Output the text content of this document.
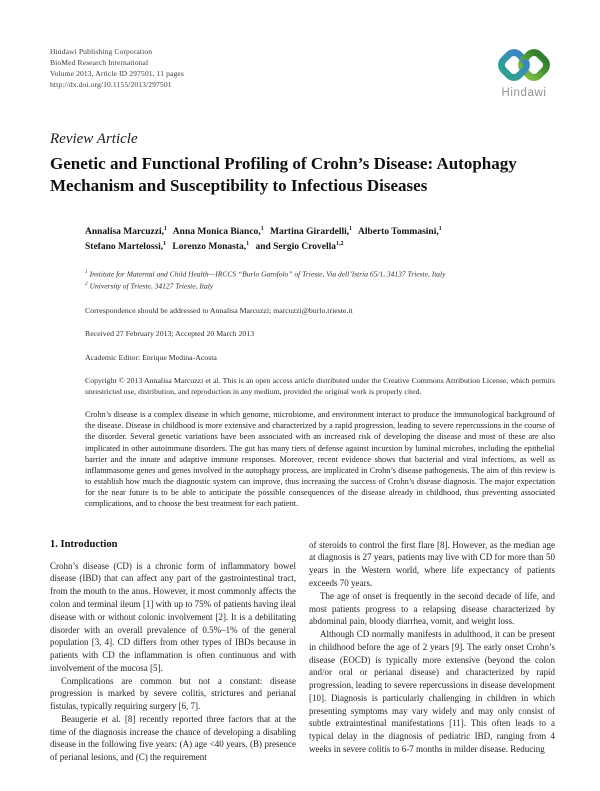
Hindawi Publishing Corporation
BioMed Research International
Volume 2013, Article ID 297501, 11 pages
http://dx.doi.org/10.1155/2013/297501
Hindawi

Review Article

Genetic and Functional Profiling of Crohn’s Disease: Autophagy Mechanism and Susceptibility to Infectious Diseases
Annalisa Marcuzzi,$^1$ Anna Monica Bianco,$^1$ Martina Girardelli,$^1$ Alberto Tommasini,$^1$
Stefano Martelossi,$^1$ Lorenzo Monasta,$^1$ and Sergio Crovella$^{1,2}$
$^1$ Institute for Maternal and Child Health—IRCCS “Burlo Garofolo” of Trieste, Via dell’Istria 65/1, 34137 Trieste, Italy
$^2$ University of Trieste, 34127 Trieste, Italy
Correspondence should be addressed to Annalisa Marcuzzi; marcuzzi@burlo.trieste.it
Received 27 February 2013; Accepted 20 March 2013
Academic Editor: Enrique Medina-Acosta
Copyright © 2013 Annalisa Marcuzzi et al. This is an open access article distributed under the Creative Commons Attribution License, which permits unrestricted use, distribution, and reproduction in any medium, provided the original work is properly cited.
Crohn’s disease is a complex disease in which genome, microbiome, and environment interact to produce the immunological background of the disease. Disease in childhood is more extensive and characterized by a rapid progression, leading to severe repercussions in the course of the disorder. Several genetic variations have been associated with an increased risk of developing the disease and most of these are also implicated in other autoimmune disorders. The gut has many tiers of defense against incursion by luminal microbes, including the epithelial barrier and the innate and adaptive immune responses. Moreover, recent evidence shows that bacterial and viral infections, as well as inflammasome genes and genes involved in the autophagy process, are implicated in Crohn’s disease pathogenesis. The aim of this review is to establish how much the diagnostic system can improve, thus increasing the success of Crohn’s disease diagnosis. The major expectation for the near future is to be able to anticipate the possible consequences of the disease already in childhood, thus preventing associated complications, and to choose the best treatment for each patient.
1. Introduction

Crohn’s disease (CD) is a chronic form of inflammatory bowel disease (IBD) that can affect any part of the gastrointestinal tract, from the mouth to the anus. However, it most commonly affects the colon and terminal ileum [1] with up to 75% of patients having ileal disease with or without colonic involvement [2]. It is a debilitating disorder with an overall prevalence of 0.5%–1% of the general population [3, 4]. CD differs from other types of IBDs because in patients with CD the inflammation is often continuous and with involvement of the mucosa [5].

Complications are common but not a constant: disease progression is marked by severe colitis, strictures and perianal fistulas, typically requiring surgery [6, 7].

Beaugerie et al. [8] recently reported three factors that at the time of the diagnosis increase the chance of developing a disabling disease in the following five years: (A) age <40 years, (B) presence of perianal lesions, and (C) the requirement

of steroids to control the first flare [8]. However, as the median age at diagnosis is 27 years, patients may live with CD for more than 50 years in the Western world, where life expectancy of patients exceeds 70 years.

The age of onset is frequently in the second decade of life, and most patients progress to a relapsing disease characterized by abdominal pain, bloody diarrhea, vomit, and weight loss.

Although CD normally manifests in adulthood, it can be present in childhood before the age of 2 years [9]. The early onset Crohn’s disease (EOCD) is typically more extensive (beyond the colon and/or oral or perianal disease) and characterized by rapid progression, leading to severe repercussions in disease development [10]. Diagnosis is particularly challenging in children in which presenting symptoms may vary widely and may only consist of subtle extraintestinal manifestations [11]. This often leads to a typical delay in the diagnosis of pediatric IBD, ranging from 4 weeks in severe colitis to 6-7 months in milder disease. Reducing
